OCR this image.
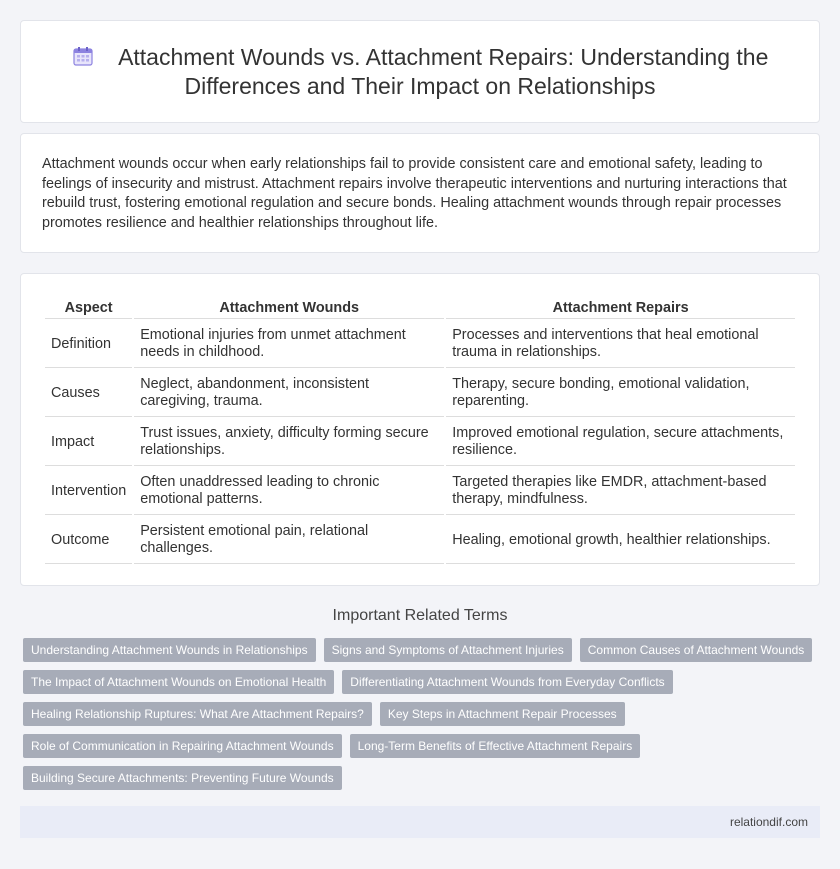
Attachment Wounds vs. Attachment Repairs: Understanding the Differences and Their Impact on Relationships

Attachment wounds occur when early relationships fail to provide consistent care and emotional safety, leading to feelings of insecurity and mistrust. Attachment repairs involve therapeutic interventions and nurturing interactions that rebuild trust, fostering emotional regulation and secure bonds. Healing attachment wounds through repair processes promotes resilience and healthier relationships throughout life.

Aspect	Attachment Wounds	Attachment Repairs
Definition	Emotional injuries from unmet attachment needs in childhood.	Processes and interventions that heal emotional trauma in relationships.
Causes	Neglect, abandonment, inconsistent caregiving, trauma.	Therapy, secure bonding, emotional validation, reparenting.
Impact	Trust issues, anxiety, difficulty forming secure relationships.	Improved emotional regulation, secure attachments, resilience.
Intervention	Often unaddressed leading to chronic emotional patterns.	Targeted therapies like EMDR, attachment-based therapy, mindfulness.
Outcome	Persistent emotional pain, relational challenges.	Healing, emotional growth, healthier relationships.
Important Related Terms
Understanding Attachment Wounds in Relationships	Signs and Symptoms of Attachment Injuries	Common Causes of Attachment Wounds
The Impact of Attachment Wounds on Emotional Health	Differentiating Attachment Wounds from Everyday Conflicts
Healing Relationship Ruptures: What Are Attachment Repairs?	Key Steps in Attachment Repair Processes
Role of Communication in Repairing Attachment Wounds	Long-Term Benefits of Effective Attachment Repairs
Building Secure Attachments: Preventing Future Wounds
relationdif.com
